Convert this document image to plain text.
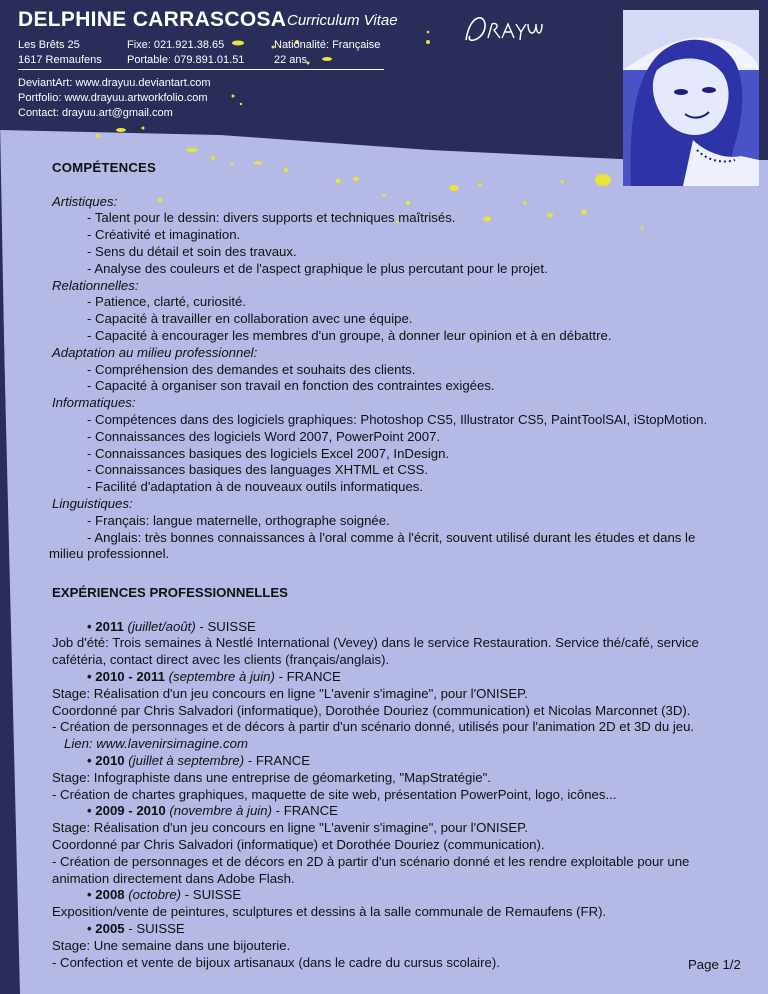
DELPHINE CARRASCOSA Curriculum Vitae
Les Brêts 25
1617 Remaufens
Fixe: 021.921.38.65
Portable: 079.891.01.51
Nationalité: Française
22 ans
DeviantArt: www.drayuu.deviantart.com
Portfolio: www.drayuu.artworkfolio.com
Contact: drayuu.art@gmail.com
COMPÉTENCES
Artistiques:
- Talent pour le dessin: divers supports et techniques maîtrisés.
- Créativité et imagination.
- Sens du détail et soin des travaux.
- Analyse des couleurs et de l'aspect graphique le plus percutant pour le projet.
Relationnelles:
- Patience, clarté, curiosité.
- Capacité à travailler en collaboration avec une équipe.
- Capacité à encourager les membres d'un groupe, à donner leur opinion et à en débattre.
Adaptation au milieu professionnel:
- Compréhension des demandes et souhaits des clients.
- Capacité à organiser son travail en fonction des contraintes exigées.
Informatiques:
- Compétences dans des logiciels graphiques: Photoshop CS5, Illustrator CS5, PaintToolSAI, iStopMotion.
- Connaissances des logiciels Word 2007, PowerPoint 2007.
- Connaissances basiques des logiciels Excel 2007, InDesign.
- Connaissances basiques des languages XHTML et CSS.
- Facilité d'adaptation à de nouveaux outils informatiques.
Linguistiques:
- Français: langue maternelle, orthographe soignée.
- Anglais: très bonnes connaissances à l'oral comme à l'écrit, souvent utilisé durant les études et dans le
milieu professionnel.
EXPÉRIENCES PROFESSIONNELLES
• 2011 (juillet/août) - SUISSE
Job d'été: Trois semaines à Nestlé International (Vevey) dans le service Restauration. Service thé/café, service
cafétéria, contact direct avec les clients (français/anglais).
• 2010 - 2011 (septembre à juin) - FRANCE
Stage: Réalisation d'un jeu concours en ligne "L'avenir s'imagine", pour l'ONISEP.
Coordonné par Chris Salvadori (informatique), Dorothée Douriez (communication) et Nicolas Marconnet (3D).
- Création de personnages et de décors à partir d'un scénario donné, utilisés pour l'animation 2D et 3D du jeu.
Lien: www.lavenirsimagine.com
• 2010 (juillet à septembre) - FRANCE
Stage: Infographiste dans une entreprise de géomarketing, "MapStratégie".
- Création de chartes graphiques, maquette de site web, présentation PowerPoint, logo, icônes...
• 2009 - 2010 (novembre à juin) - FRANCE
Stage: Réalisation d'un jeu concours en ligne "L'avenir s'imagine", pour l'ONISEP.
Coordonné par Chris Salvadori (informatique) et Dorothée Douriez (communication).
- Création de personnages et de décors en 2D à partir d'un scénario donné et les rendre exploitable pour une
animation directement dans Adobe Flash.
• 2008 (octobre) - SUISSE
Exposition/vente de peintures, sculptures et dessins à la salle communale de Remaufens (FR).
• 2005 - SUISSE
Stage: Une semaine dans une bijouterie.
- Confection et vente de bijoux artisanaux (dans le cadre du cursus scolaire).	Page 1/2
